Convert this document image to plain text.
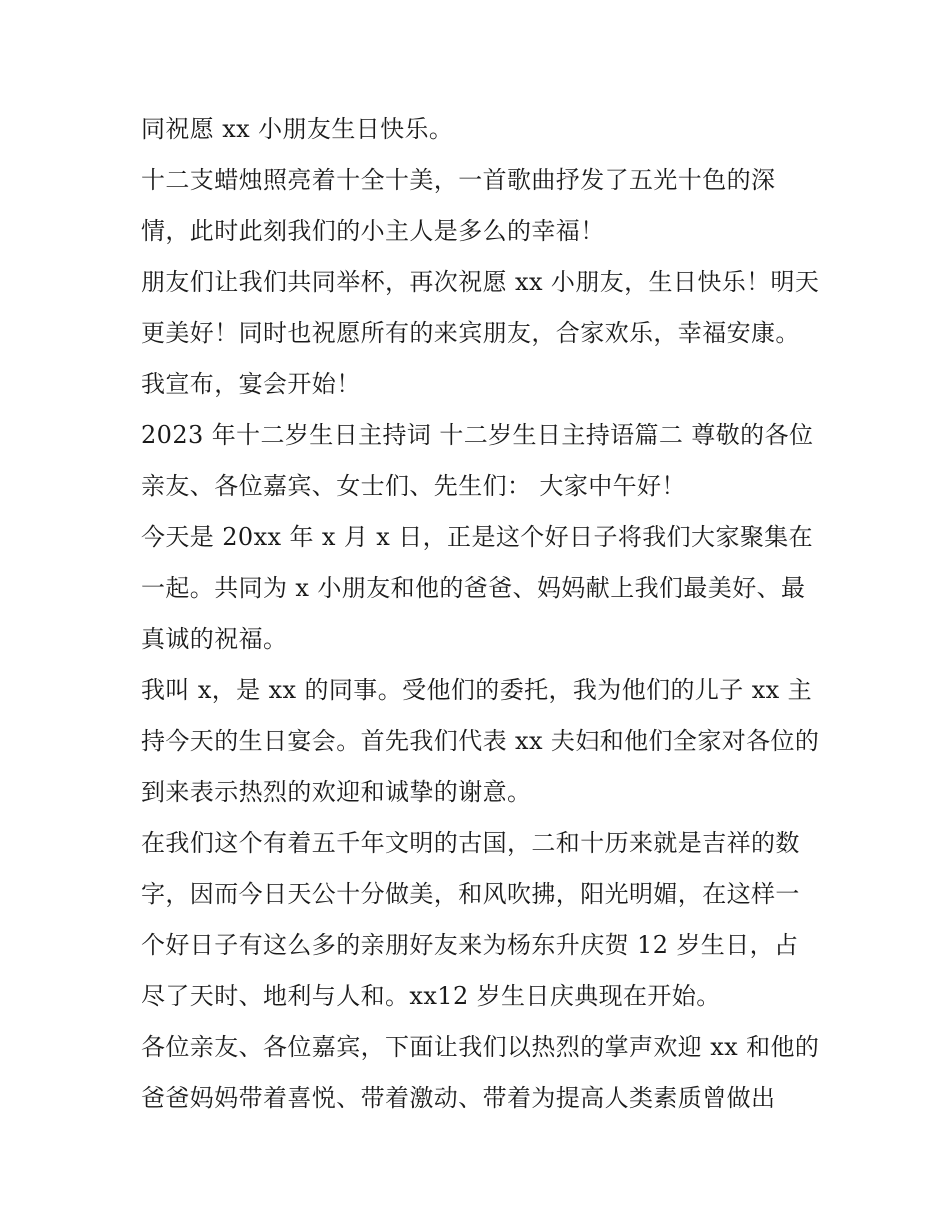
同祝愿 xx 小朋友生日快乐。

十二支蜡烛照亮着十全十美，一首歌曲抒发了五光十色的深情，此时此刻我们的小主人是多么的幸福！

朋友们让我们共同举杯，再次祝愿 xx 小朋友，生日快乐！明天更美好！同时也祝愿所有的来宾朋友，合家欢乐，幸福安康。 我宣布，宴会开始！

2023 年十二岁生日主持词 十二岁生日主持语篇二 尊敬的各位亲友、各位嘉宾、女士们、先生们： 大家中午好！

今天是 20xx 年 x 月 x 日，正是这个好日子将我们大家聚集在一起。共同为 x 小朋友和他的爸爸、妈妈献上我们最美好、最真诚的祝福。

我叫 x，是 xx 的同事。受他们的委托，我为他们的儿子 xx 主持今天的生日宴会。首先我们代表 xx 夫妇和他们全家对各位的到来表示热烈的欢迎和诚挚的谢意。

在我们这个有着五千年文明的古国，二和十历来就是吉祥的数字，因而今日天公十分做美，和风吹拂，阳光明媚，在这样一个好日子有这么多的亲朋好友来为杨东升庆贺 12 岁生日，占尽了天时、地利与人和。xx12 岁生日庆典现在开始。

各位亲友、各位嘉宾，下面让我们以热烈的掌声欢迎 xx 和他的爸爸妈妈带着喜悦、带着激动、带着为提高人类素质曾做出
